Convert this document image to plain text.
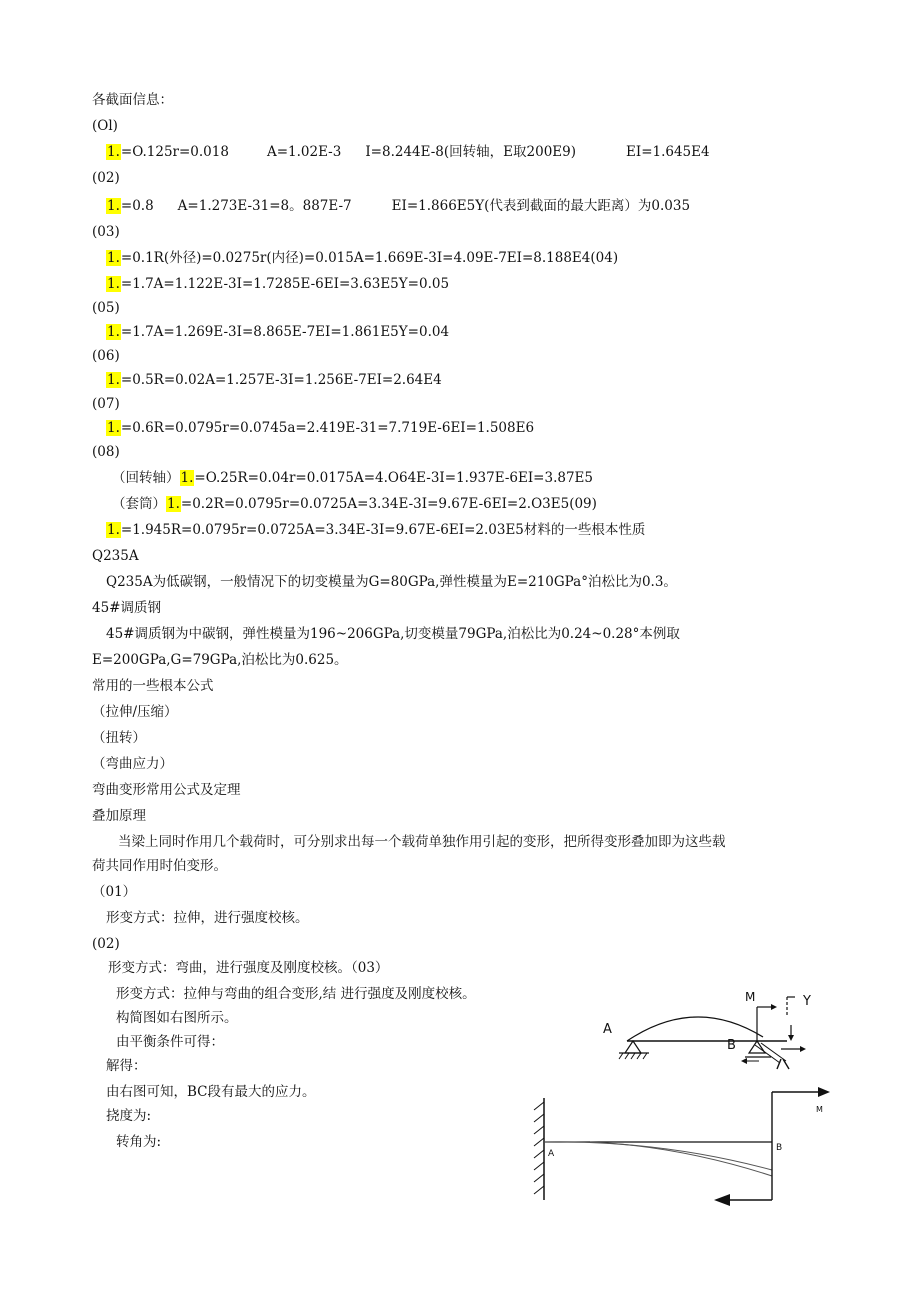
各截面信息：
(Ol)
1.=O.125r=0.018	A=1.02E-3 I=8.244E-8(回转轴，E取200E9)	EI=1.645E4
(02)
1.=0.8 A=1.273E-31=8。887E-7	EI=1.866E5Y(代表到截面的最大距离）为0.035
(03)
1.=0.1R(外径)=0.0275r(内径)=0.015A=1.669E-3I=4.09E-7EI=8.188E4(04)
1.=1.7A=1.122E-3I=1.7285E-6EI=3.63E5Y=0.05
(05)
1.=1.7A=1.269E-3I=8.865E-7EI=1.861E5Y=0.04
(06)
1.=0.5R=0.02A=1.257E-3I=1.256E-7EI=2.64E4
(07)
1.=0.6R=0.0795r=0.0745a=2.419E-31=7.719E-6EI=1.508E6
(08)
（回转轴）1.=O.25R=0.04r=0.0175A=4.O64E-3I=1.937E-6EI=3.87E5
（套筒）1.=0.2R=0.0795r=0.0725A=3.34E-3I=9.67E-6EI=2.O3E5(09)
1.=1.945R=0.0795r=0.0725A=3.34E-3I=9.67E-6EI=2.03E5材料的一些根本性质
Q235A
Q235A为低碳钢，一般情况下的切变模量为G=80GPa,弹性模量为E=210GPa°泊松比为0.3。
45#调质钢
45#调质钢为中碳钢，弹性模量为196~206GPa,切变模量79GPa,泊松比为0.24~0.28°本例取
E=200GPa,G=79GPa,泊松比为0.625。
常用的一些根本公式
（拉伸/压缩）
（扭转）
（弯曲应力）
弯曲变形常用公式及定理
叠加原理
当梁上同时作用几个载荷时，可分别求出每一个载荷单独作用引起的变形，把所得变形叠加即为这些载
荷共同作用时伯变形。
（01）
形变方式：拉伸，进行强度校核。
(02)
形变方式：弯曲，进行强度及刚度校核。（03）
形变方式：拉伸与弯曲的组合变形,结 进行强度及刚度校核。
构简图如右图所示。
由平衡条件可得：
解得：
由右图可知，BC段有最大的应力。
挠度为:
转角为:
A
B
M	Y
A
B
M
